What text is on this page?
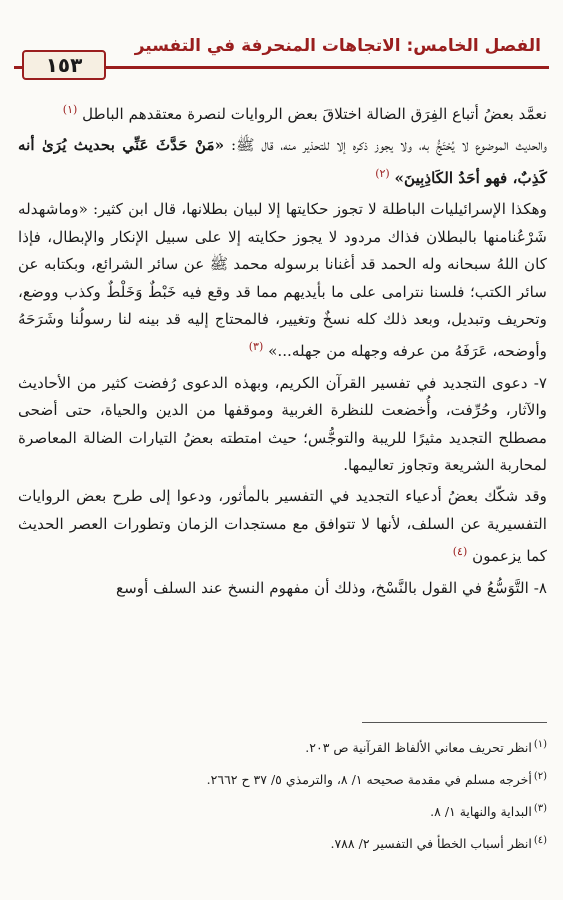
الفصل الخامس: الاتجاهات المنحرفة في التفسير
١٥٣

نعمَّد بعضُ أتباع الفِرَق الضالة اختلاقَ بعض الروايات لنصرة معتقدهم الباطل $^{(١)}$

والحديث الموضوع لا يُحْتَجُّ به، ولا يجوز ذكره إلا للتحذير منه، قال ﷺ: «مَنْ حَدَّثَ عَنِّي بحديث يُرَىٰ أنه كَذِبٌ، فهو أحَدُ الكَاذِبِينَ» $^{(٢)}$

وهكذا الإسرائيليات الباطلة لا تجوز حكايتها إلا لبيان بطلانها، قال ابن كثير: «وماشهدله شَرْعُنامنها بالبطلان فذاك مردود لا يجوز حكايته إلا على سبيل الإنكار والإبطال، فإذا كان اللهُ سبحانه وله الحمد قد أغنانا برسوله محمد ﷺ عن سائر الشرائع، وبكتابه عن سائر الكتب؛ فلسنا نترامى على ما بأيديهم مما قد وقع فيه خَبْطٌ وَخَلْطٌ وكذب ووضع، وتحريف وتبديل، وبعد ذلك كله نسخٌ وتغيير، فالمحتاج إليه قد بينه لنا رسولُنا وشَرَحَهُ وأوضحه، عَرَفَهُ من عرفه وجهله من جهله...» $^{(٣)}$

٧- دعوى التجديد في تفسير القرآن الكريم، وبهذه الدعوى رُفضت كثير من الأحاديث والآثار، وحُرِّفت، وأُخضعت للنظرة الغربية وموقفها من الدين والحياة، حتى أضحى مصطلح التجديد مثيرًا للريبة والتوجُّس؛ حيث امتطته بعضُ التيارات الضالة المعاصرة لمحاربة الشريعة وتجاوز تعاليمها.

وقد شكّك بعضُ أدعياء التجديد في التفسير بالمأثور، ودعوا إلى طرح بعض الروايات التفسيرية عن السلف، لأنها لا تتوافق مع مستجدات الزمان وتطورات العصر الحديث كما يزعمون $^{(٤)}$

٨- التَّوَسُّعُ في القول بالنَّسْخ، وذلك أن مفهوم النسخ عند السلف أوسع

$^{(١)}$انظر تحريف معاني الألفاظ القرآنية ص ٢٠٣.
$^{(٢)}$أخرجه مسلم في مقدمة صحيحه ١/ ٨، والترمذي ٥/ ٣٧ ح ٢٦٦٢.
$^{(٣)}$البداية والنهاية ١/ ٨.
$^{(٤)}$انظر أسباب الخطأ في التفسير ٢/ ٧٨٨.
